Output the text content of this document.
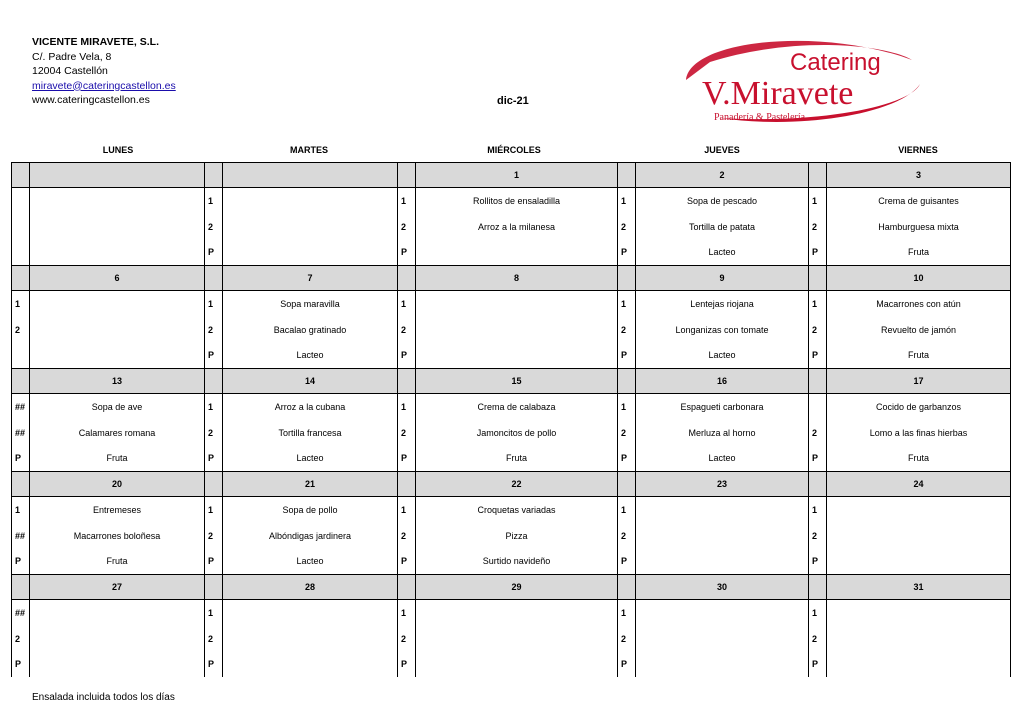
VICENTE MIRAVETE, S.L.
C/. Padre Vela, 8
12004 Castellón
miravete@cateringcastellon.es
www.cateringcastellon.es	dic-21
Catering
V.Miravete
Panadería & Pastelería
LUNES	MARTES	MIÉRCOLES	JUEVES	VIERNES
					1		2		3
		1		1	Rollitos de ensaladilla	1	Sopa de pescado	1	Crema de guisantes
		2		2	Arroz a la milanesa	2	Tortilla de patata	2	Hamburguesa mixta
		P		P		P	Lacteo	P	Fruta
	6		7		8		9		10
1		1	Sopa maravilla	1		1	Lentejas riojana	1	Macarrones con atún
2		2	Bacalao gratinado	2		2	Longanizas con tomate	2	Revuelto de jamón
		P	Lacteo	P		P	Lacteo	P	Fruta
	13		14		15		16		17
##	Sopa de ave	1	Arroz a la cubana	1	Crema de calabaza	1	Espagueti carbonara		Cocido de garbanzos
##	Calamares romana	2	Tortilla francesa	2	Jamoncitos de pollo	2	Merluza al horno	2	Lomo a las finas hierbas
P	Fruta	P	Lacteo	P	Fruta	P	Lacteo	P	Fruta
	20		21		22		23		24
1	Entremeses	1	Sopa de pollo	1	Croquetas variadas	1		1	
##	Macarrones boloñesa	2	Albóndigas jardinera	2	Pizza	2		2	
P	Fruta	P	Lacteo	P	Surtido navideño	P		P	
	27		28		29		30		31
##		1		1		1		1	
2		2		2		2		2	
P		P		P		P		P	
Ensalada incluida todos los días
